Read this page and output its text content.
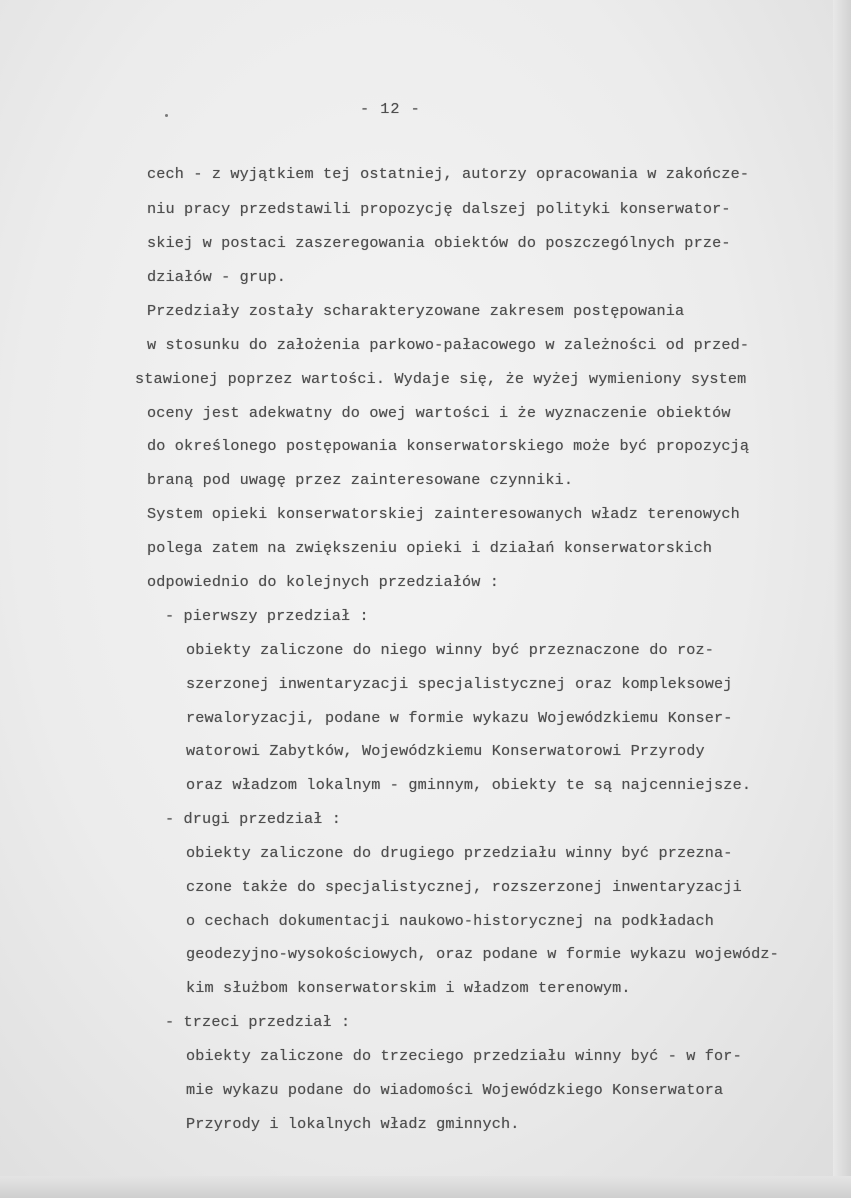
- 12 -

cech - z wyjątkiem tej ostatniej, autorzy opracowania w zakończe-

niu pracy przedstawili propozycję dalszej polityki konserwator-

skiej w postaci zaszeregowania obiektów do poszczególnych prze-

działów - grup.

Przedziały zostały scharakteryzowane zakresem postępowania

w stosunku do założenia parkowo-pałacowego w zależności od przed-

stawionej poprzez wartości. Wydaje się, że wyżej wymieniony system

oceny jest adekwatny do owej wartości i że wyznaczenie obiektów

do określonego postępowania konserwatorskiego może być propozycją

braną pod uwagę przez zainteresowane czynniki.

System opieki konserwatorskiej zainteresowanych władz terenowych

polega zatem na zwiększeniu opieki i działań konserwatorskich

odpowiednio do kolejnych przedziałów :

- pierwszy przedział :

obiekty zaliczone do niego winny być przeznaczone do roz-

szerzonej inwentaryzacji specjalistycznej oraz kompleksowej

rewaloryzacji, podane w formie wykazu Wojewódzkiemu Konser-

watorowi Zabytków, Wojewódzkiemu Konserwatorowi Przyrody

oraz władzom lokalnym - gminnym, obiekty te są najcenniejsze.

- drugi przedział :

obiekty zaliczone do drugiego przedziału winny być przezna-

czone także do specjalistycznej, rozszerzonej inwentaryzacji

o cechach dokumentacji naukowo-historycznej na podkładach

geodezyjno-wysokościowych, oraz podane w formie wykazu wojewódz-

kim służbom konserwatorskim i władzom terenowym.

- trzeci przedział :

obiekty zaliczone do trzeciego przedziału winny być - w for-

mie wykazu podane do wiadomości Wojewódzkiego Konserwatora

Przyrody i lokalnych władz gminnych.
